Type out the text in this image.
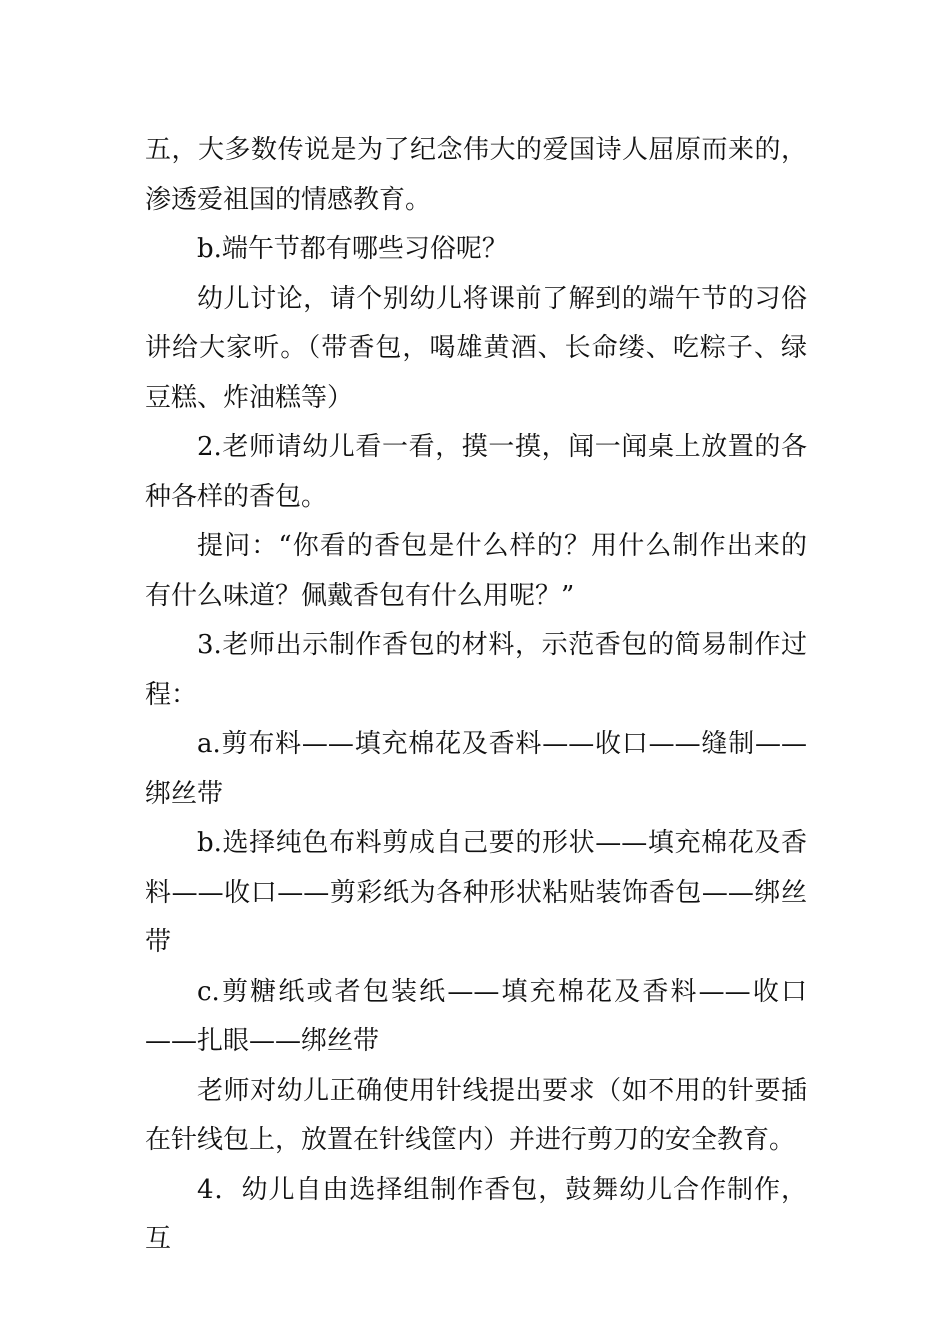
五，大多数传说是为了纪念伟大的爱国诗人屈原而来的，渗透爱祖国的情感教育。

b.端午节都有哪些习俗呢？

幼儿讨论，请个别幼儿将课前了解到的端午节的习俗讲给大家听。（带香包，喝雄黄酒、长命缕、吃粽子、绿豆糕、炸油糕等）

2.老师请幼儿看一看，摸一摸，闻一闻桌上放置的各种各样的香包。

提问：“你看的香包是什么样的？用什么制作出来的有什么味道？佩戴香包有什么用呢？”

3.老师出示制作香包的材料，示范香包的简易制作过程：

a.剪布料——填充棉花及香料——收口——缝制——绑丝带

b.选择纯色布料剪成自己要的形状——填充棉花及香料——收口——剪彩纸为各种形状粘贴装饰香包——绑丝带

c.剪糖纸或者包装纸——填充棉花及香料——收口——扎眼——绑丝带

老师对幼儿正确使用针线提出要求（如不用的针要插在针线包上，放置在针线筐内）并进行剪刀的安全教育。

4．幼儿自由选择组制作香包，鼓舞幼儿合作制作，互
